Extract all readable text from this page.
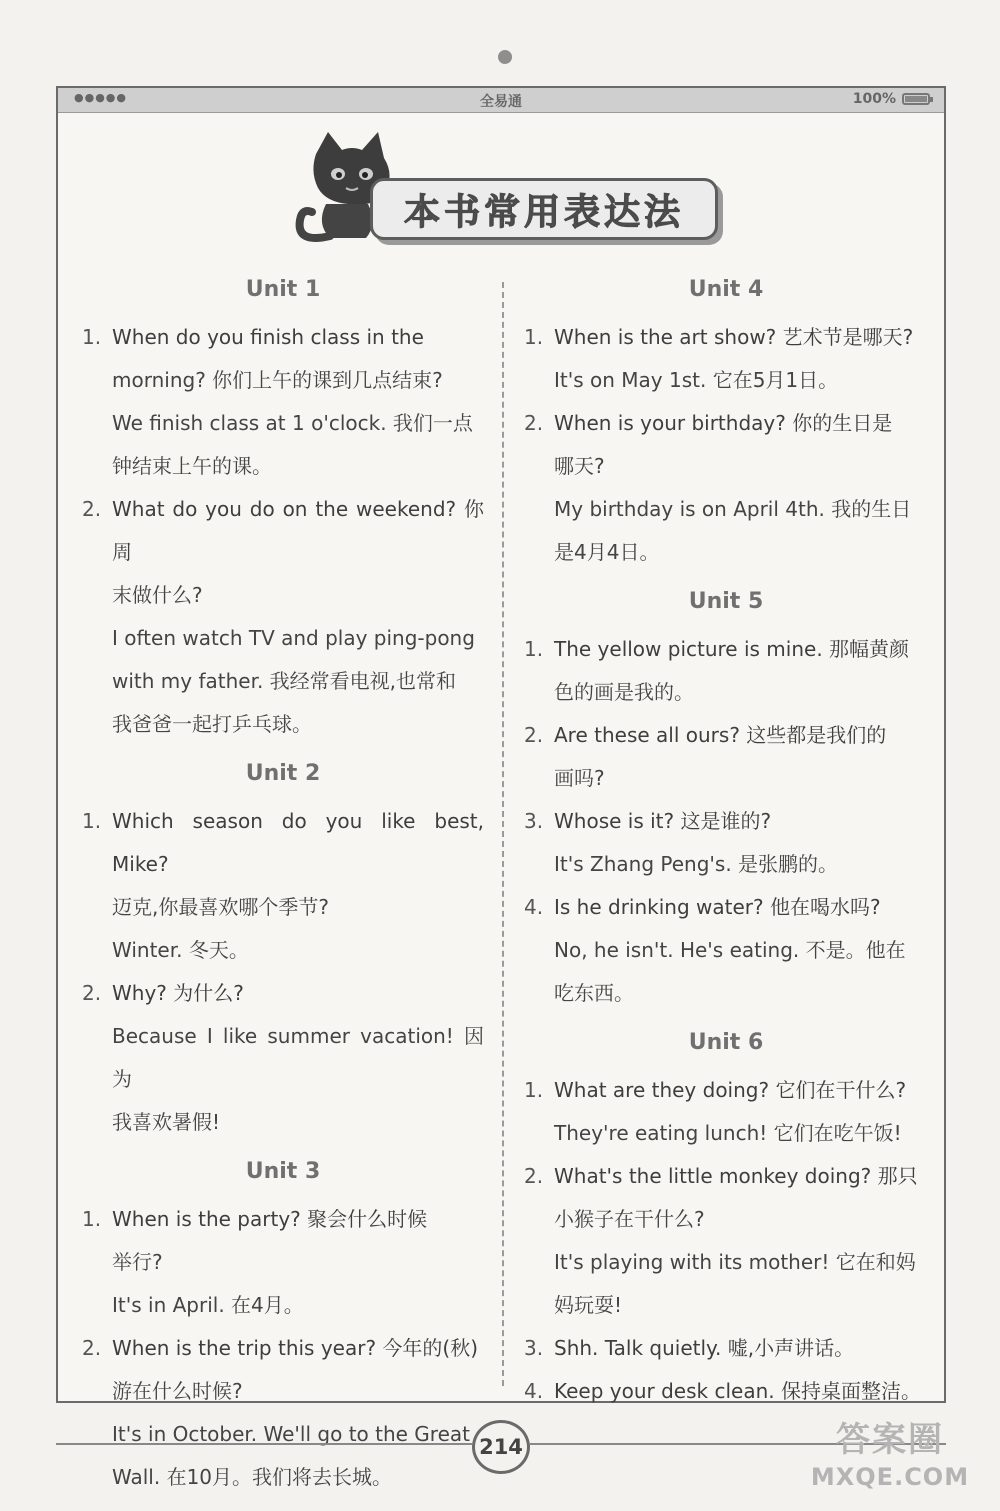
●●●●●	全易通	100%
本书常用表达法
Unit 1
1. When do you finish class in the
morning? 你们上午的课到几点结束?
We finish class at 1 o'clock. 我们一点
钟结束上午的课。
2. What do you do on the weekend? 你周
末做什么?
I often watch TV and play ping-pong
with my father. 我经常看电视,也常和
我爸爸一起打乒乓球。
Unit 2
1. Which season do you like best, Mike?
迈克,你最喜欢哪个季节?
Winter. 冬天。
2. Why? 为什么?
Because I like summer vacation! 因为
我喜欢暑假!
Unit 3
1. When is the party? 聚会什么时候
举行?
It's in April. 在4月。
2. When is the trip this year? 今年的(秋)
游在什么时候?
It's in October. We'll go to the Great
Wall. 在10月。我们将去长城。
Unit 4
1. When is the art show? 艺术节是哪天?
It's on May 1st. 它在5月1日。
2. When is your birthday? 你的生日是
哪天?
My birthday is on April 4th. 我的生日
是4月4日。
Unit 5
1. The yellow picture is mine. 那幅黄颜
色的画是我的。
2. Are these all ours? 这些都是我们的
画吗?
3. Whose is it? 这是谁的?
It's Zhang Peng's. 是张鹏的。
4. Is he drinking water? 他在喝水吗?
No, he isn't. He's eating. 不是。他在
吃东西。
Unit 6
1. What are they doing? 它们在干什么?
They're eating lunch! 它们在吃午饭!
2. What's the little monkey doing? 那只
小猴子在干什么?
It's playing with its mother! 它在和妈
妈玩耍!
3. Shh. Talk quietly. 嘘,小声讲话。
4. Keep your desk clean. 保持桌面整洁。
214	答案圈
MXQE.COM
